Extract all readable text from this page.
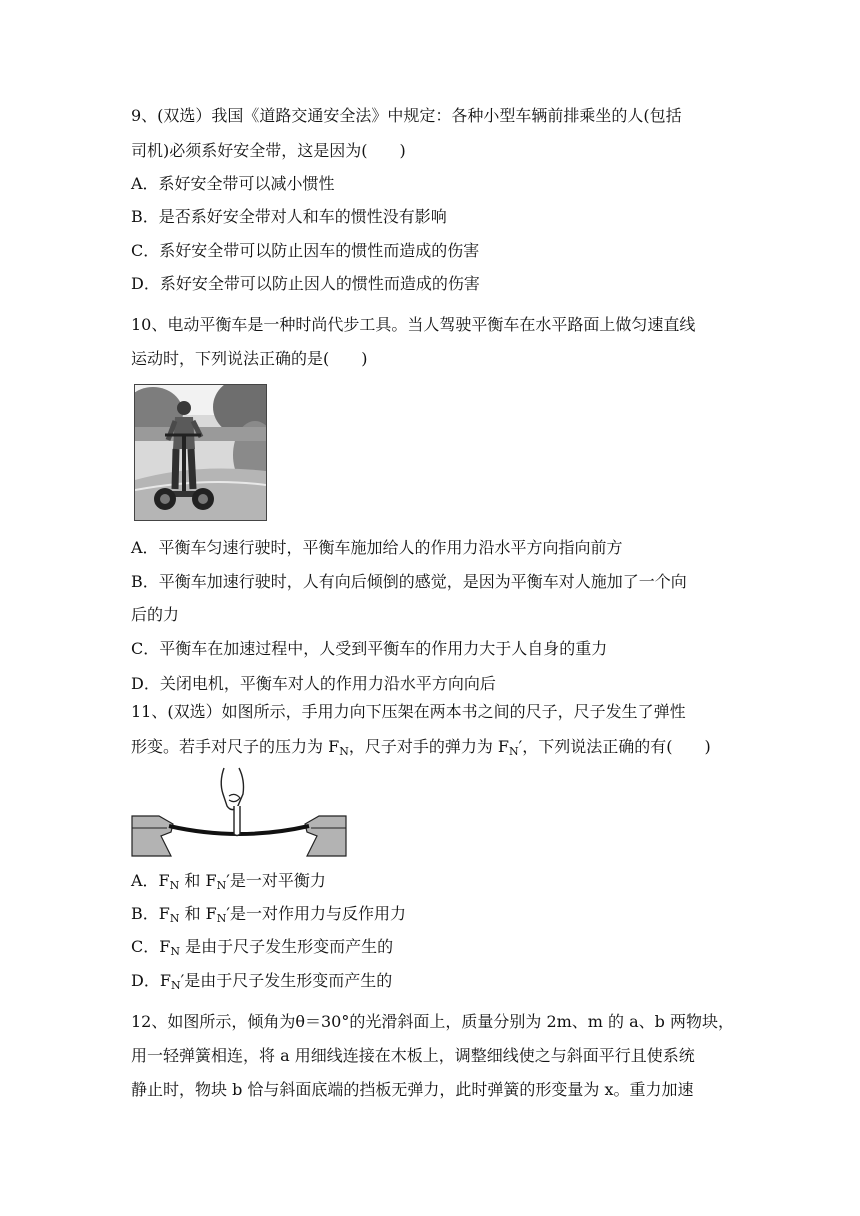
9、(双选）我国《道路交通安全法》中规定：各种小型车辆前排乘坐的人(包括
司机)必须系好安全带，这是因为(　　)
A．系好安全带可以减小惯性
B．是否系好安全带对人和车的惯性没有影响
C．系好安全带可以防止因车的惯性而造成的伤害
D．系好安全带可以防止因人的惯性而造成的伤害
10、电动平衡车是一种时尚代步工具。当人驾驶平衡车在水平路面上做匀速直线
运动时，下列说法正确的是(　　)
A．平衡车匀速行驶时，平衡车施加给人的作用力沿水平方向指向前方
B．平衡车加速行驶时，人有向后倾倒的感觉，是因为平衡车对人施加了一个向
后的力
C．平衡车在加速过程中，人受到平衡车的作用力大于人自身的重力
D．关闭电机，平衡车对人的作用力沿水平方向向后
11、(双选）如图所示，手用力向下压架在两本书之间的尺子，尺子发生了弹性
形变。若手对尺子的压力为 $F_N$，尺子对手的弹力为 $F_N'$，下列说法正确的有(　　)
A．$F_N$ 和 $F_N'$是一对平衡力
B．$F_N$ 和 $F_N'$是一对作用力与反作用力
C．$F_N$ 是由于尺子发生形变而产生的
D．$F_N'$是由于尺子发生形变而产生的
12、如图所示，倾角为θ＝30°的光滑斜面上，质量分别为 2m、m 的 a、b 两物块，
用一轻弹簧相连，将 a 用细线连接在木板上，调整细线使之与斜面平行且使系统
静止时，物块 b 恰与斜面底端的挡板无弹力，此时弹簧的形变量为 x。重力加速
